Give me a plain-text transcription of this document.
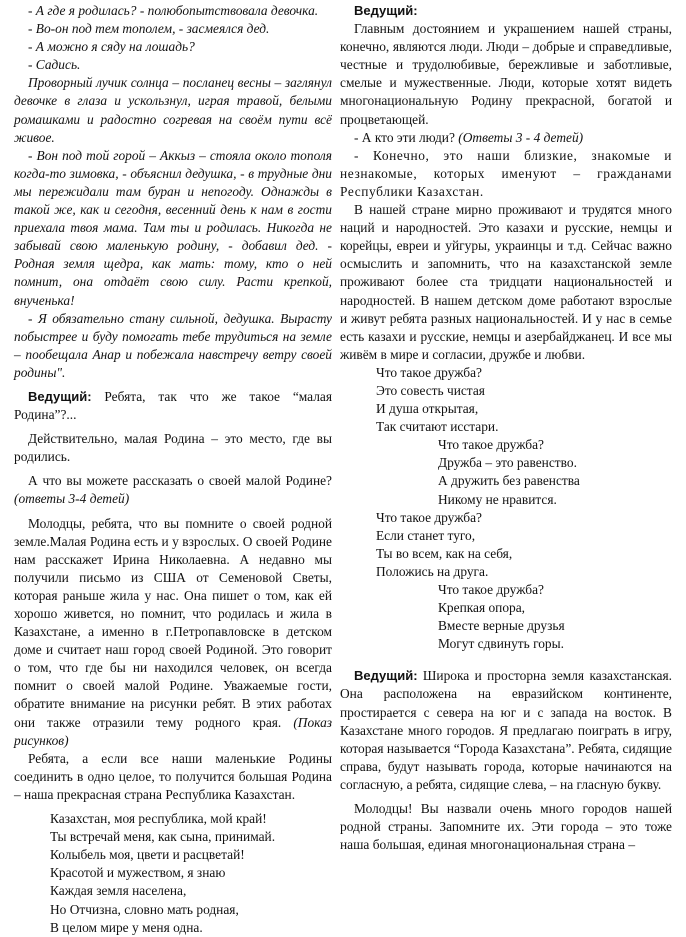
- А где я родилась? - полюбопытствовала девочка.

- Во-он под тем тополем, - засмеялся дед.

- А можно я сяду на лошадь?

- Садись.

Проворный лучик солнца – посланец весны – заглянул девочке в глаза и ускользнул, играя травой, белыми ромашками и радостно согревая на своём пути всё живое.

- Вон под той горой – Аккыз – стояла около тополя когда-то зимовка, - объяснил дедушка, - в трудные дни мы пережидали там буран и непогоду. Однажды в такой же, как и сегодня, весенний день к нам в гости приехала твоя мама. Там ты и родилась. Никогда не забывай свою маленькую родину, - добавил дед. - Родная земля щедра, как мать: тому, кто о ней помнит, она отдаёт свою силу. Расти крепкой, внученька!

- Я обязательно стану сильной, дедушка. Вырасту побыстрее и буду помогать тебе трудиться на земле – пообещала Анар и побежала навстречу ветру своей родины".

Ведущий: Ребята, так что же такое “малая Родина”?...

Действительно, малая Родина – это место, где вы родились.

А что вы можете рассказать о своей малой Родине? (ответы 3-4 детей)

Молодцы, ребята, что вы помните о своей родной земле.Малая Родина есть и у взрослых. О своей Родине нам расскажет Ирина Николаевна. А недавно мы получили письмо из США от Семеновой Светы, которая раньше жила у нас. Она пишет о том, как ей хорошо живется, но помнит, что родилась и жила в Казахстане, а именно в г.Петропавловске в детском доме и считает наш город своей Родиной. Это говорит о том, что где бы ни находился человек, он всегда помнит о своей малой Родине. Уважаемые гости, обратите внимание на рисунки ребят. В этих работах они также отразили тему родного края. (Показ рисунков)

Ребята, а если все наши маленькие Родины соединить в одно целое, то получится большая Родина – наша прекрасная страна Республика Казахстан.

Казахстан, моя республика, мой край!

Ты встречай меня, как сына, принимай.

Колыбель моя, цвети и расцветай!

Красотой и мужеством, я знаю

Каждая земля населена,

Но Отчизна, словно мать родная,

В целом мире у меня одна.

Ведущий:

Главным достоянием и украшением нашей страны, конечно, являются люди. Люди – добрые и справедливые, честные и трудолюбивые, бережливые и заботливые, смелые и мужественные. Люди, которые хотят видеть многонациональную Родину прекрасной, богатой и процветающей.

- А кто эти люди? (Ответы 3 - 4 детей)

- Конечно, это наши близкие, знакомые и незнакомые, которых именуют – гражданами Республики Казахстан.

В нашей стране мирно проживают и трудятся много наций и народностей. Это казахи и русские, немцы и корейцы, евреи и уйгуры, украинцы и т.д. Сейчас важно осмыслить и запомнить, что на казахстанской земле проживают более ста тридцати национальностей и народностей. В нашем детском доме работают взрослые и живут ребята разных национальностей. И у нас в семье есть казахи и русские, немцы и азербайджанец. И все мы живём в мире и согласии, дружбе и любви.

Что такое дружба?

Это совесть чистая

И душа открытая,

Так считают исстари.

Что такое дружба?

Дружба – это равенство.

А дружить без равенства

Никому не нравится.

Что такое дружба?

Если станет туго,

Ты во всем, как на себя,

Положись на друга.

Что такое дружба?

Крепкая опора,

Вместе верные друзья

Могут сдвинуть горы.

Ведущий: Широка и просторна земля казахстанская. Она расположена на евразийском континенте, простирается с севера на юг и с запада на восток. В Казахстане много городов. Я предлагаю поиграть в игру, которая называется “Города Казахстана”. Ребята, сидящие справа, будут называть города, которые начинаются на согласную, а ребята, сидящие слева, – на гласную букву.

Молодцы! Вы назвали очень много городов нашей родной страны. Запомните их. Эти города – это тоже наша большая, единая многонациональная страна –
